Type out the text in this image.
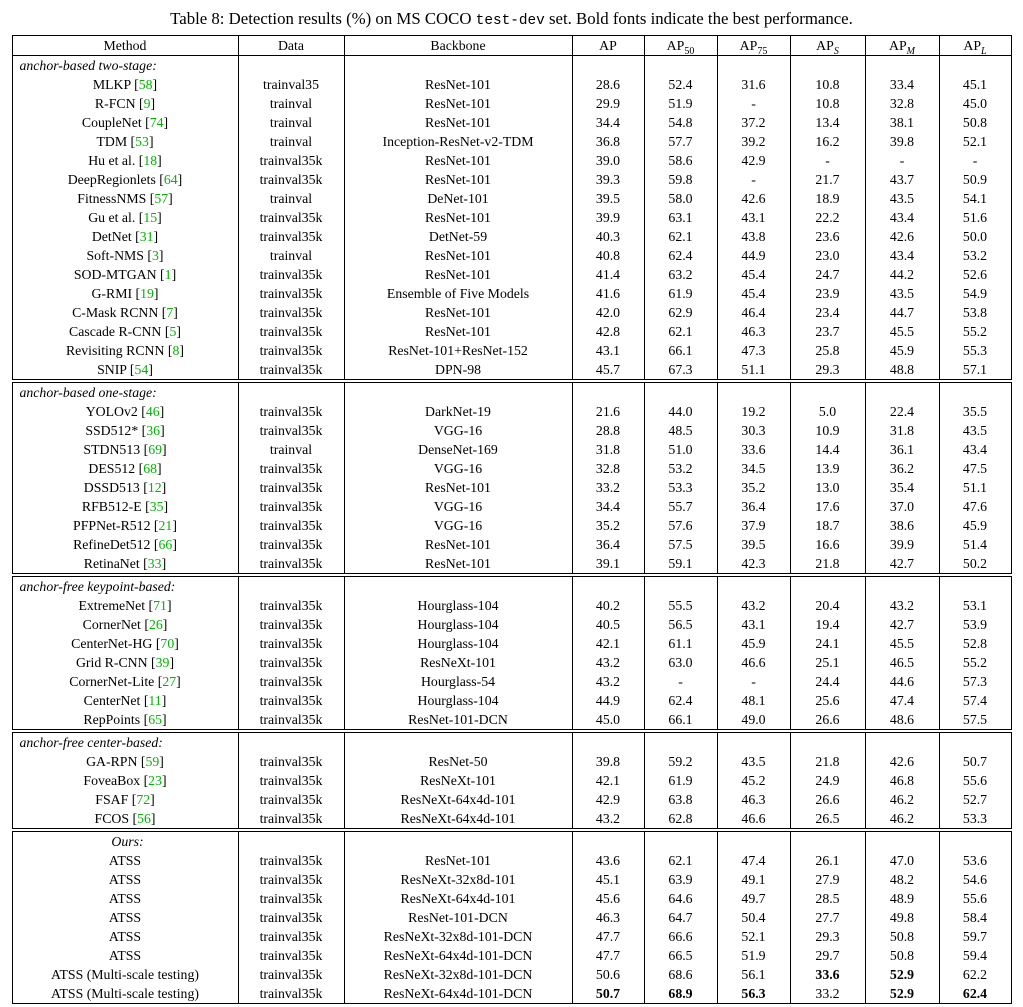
Table 8: Detection results (%) on MS COCO test-dev set. Bold fonts indicate the best performance.
Method	Data	Backbone	AP	$AP_{50}$	$AP_{75}$	$AP_S$	$AP_M$	$AP_L$
anchor-based two-stage:								
MLKP [58]	trainval35	ResNet-101	28.6	52.4	31.6	10.8	33.4	45.1
R-FCN [9]	trainval	ResNet-101	29.9	51.9	-	10.8	32.8	45.0
CoupleNet [74]	trainval	ResNet-101	34.4	54.8	37.2	13.4	38.1	50.8
TDM [53]	trainval	Inception-ResNet-v2-TDM	36.8	57.7	39.2	16.2	39.8	52.1
Hu et al. [18]	trainval35k	ResNet-101	39.0	58.6	42.9	-	-	-
DeepRegionlets [64]	trainval35k	ResNet-101	39.3	59.8	-	21.7	43.7	50.9
FitnessNMS [57]	trainval	DeNet-101	39.5	58.0	42.6	18.9	43.5	54.1
Gu et al. [15]	trainval35k	ResNet-101	39.9	63.1	43.1	22.2	43.4	51.6
DetNet [31]	trainval35k	DetNet-59	40.3	62.1	43.8	23.6	42.6	50.0
Soft-NMS [3]	trainval	ResNet-101	40.8	62.4	44.9	23.0	43.4	53.2
SOD-MTGAN [1]	trainval35k	ResNet-101	41.4	63.2	45.4	24.7	44.2	52.6
G-RMI [19]	trainval35k	Ensemble of Five Models	41.6	61.9	45.4	23.9	43.5	54.9
C-Mask RCNN [7]	trainval35k	ResNet-101	42.0	62.9	46.4	23.4	44.7	53.8
Cascade R-CNN [5]	trainval35k	ResNet-101	42.8	62.1	46.3	23.7	45.5	55.2
Revisiting RCNN [8]	trainval35k	ResNet-101+ResNet-152	43.1	66.1	47.3	25.8	45.9	55.3
SNIP [54]	trainval35k	DPN-98	45.7	67.3	51.1	29.3	48.8	57.1
anchor-based one-stage:								
YOLOv2 [46]	trainval35k	DarkNet-19	21.6	44.0	19.2	5.0	22.4	35.5
SSD512* [36]	trainval35k	VGG-16	28.8	48.5	30.3	10.9	31.8	43.5
STDN513 [69]	trainval	DenseNet-169	31.8	51.0	33.6	14.4	36.1	43.4
DES512 [68]	trainval35k	VGG-16	32.8	53.2	34.5	13.9	36.2	47.5
DSSD513 [12]	trainval35k	ResNet-101	33.2	53.3	35.2	13.0	35.4	51.1
RFB512-E [35]	trainval35k	VGG-16	34.4	55.7	36.4	17.6	37.0	47.6
PFPNet-R512 [21]	trainval35k	VGG-16	35.2	57.6	37.9	18.7	38.6	45.9
RefineDet512 [66]	trainval35k	ResNet-101	36.4	57.5	39.5	16.6	39.9	51.4
RetinaNet [33]	trainval35k	ResNet-101	39.1	59.1	42.3	21.8	42.7	50.2
anchor-free keypoint-based:								
ExtremeNet [71]	trainval35k	Hourglass-104	40.2	55.5	43.2	20.4	43.2	53.1
CornerNet [26]	trainval35k	Hourglass-104	40.5	56.5	43.1	19.4	42.7	53.9
CenterNet-HG [70]	trainval35k	Hourglass-104	42.1	61.1	45.9	24.1	45.5	52.8
Grid R-CNN [39]	trainval35k	ResNeXt-101	43.2	63.0	46.6	25.1	46.5	55.2
CornerNet-Lite [27]	trainval35k	Hourglass-54	43.2	-	-	24.4	44.6	57.3
CenterNet [11]	trainval35k	Hourglass-104	44.9	62.4	48.1	25.6	47.4	57.4
RepPoints [65]	trainval35k	ResNet-101-DCN	45.0	66.1	49.0	26.6	48.6	57.5
anchor-free center-based:								
GA-RPN [59]	trainval35k	ResNet-50	39.8	59.2	43.5	21.8	42.6	50.7
FoveaBox [23]	trainval35k	ResNeXt-101	42.1	61.9	45.2	24.9	46.8	55.6
FSAF [72]	trainval35k	ResNeXt-64x4d-101	42.9	63.8	46.3	26.6	46.2	52.7
FCOS [56]	trainval35k	ResNeXt-64x4d-101	43.2	62.8	46.6	26.5	46.2	53.3
Ours:								
ATSS	trainval35k	ResNet-101	43.6	62.1	47.4	26.1	47.0	53.6
ATSS	trainval35k	ResNeXt-32x8d-101	45.1	63.9	49.1	27.9	48.2	54.6
ATSS	trainval35k	ResNeXt-64x4d-101	45.6	64.6	49.7	28.5	48.9	55.6
ATSS	trainval35k	ResNet-101-DCN	46.3	64.7	50.4	27.7	49.8	58.4
ATSS	trainval35k	ResNeXt-32x8d-101-DCN	47.7	66.6	52.1	29.3	50.8	59.7
ATSS	trainval35k	ResNeXt-64x4d-101-DCN	47.7	66.5	51.9	29.7	50.8	59.4
ATSS (Multi-scale testing)	trainval35k	ResNeXt-32x8d-101-DCN	50.6	68.6	56.1	33.6	52.9	62.2
ATSS (Multi-scale testing)	trainval35k	ResNeXt-64x4d-101-DCN	50.7	68.9	56.3	33.2	52.9	62.4
